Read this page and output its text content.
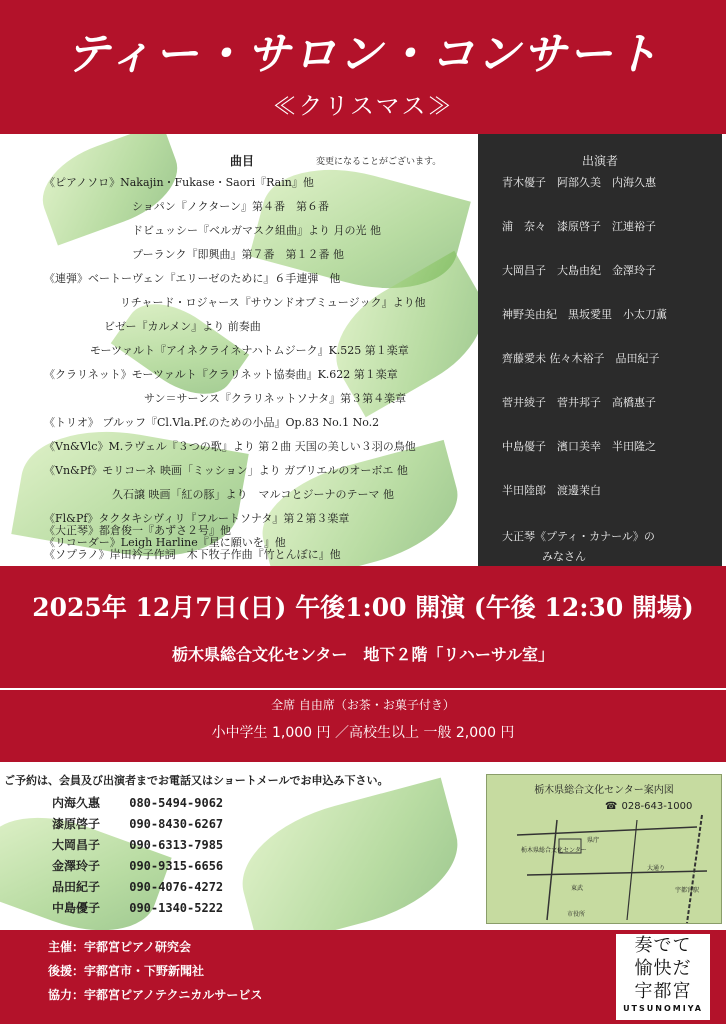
ティー・サロン・コンサート
≪クリスマス≫
曲目	変更になることがございます。
《ピアノソロ》Nakajin・Fukase・Saori『Rain』他
ショパン『ノクターン』第４番　第６番
ドビュッシー『ベルガマスク組曲』より 月の光 他
プーランク『即興曲』第７番　第１２番 他
《連弾》ベートーヴェン『エリーゼのために』６手連弾　他
リチャード・ロジャース『サウンドオブミュージック』より他
ビゼー『カルメン』より 前奏曲
モーツァルト『アイネクライネナハトムジーク』K.525 第１楽章
《クラリネット》モーツァルト『クラリネット協奏曲』K.622 第１楽章
サン＝サーンス『クラリネットソナタ』第３第４楽章
《トリオ》 ブルッフ『Cl.Vla.Pf.のための小品』Op.83 No.1 No.2
《Vn&Vlc》M.ラヴェル『３つの歌』より 第２曲 天国の美しい３羽の鳥他
《Vn&Pf》モリコーネ 映画「ミッション」より ガブリエルのオーボエ 他
久石譲 映画「紅の豚」より　マルコとジーナのテーマ 他
《Fl&Pf》タクタキシヴィリ『フルートソナタ』第２第３楽章
《リコーダー》Leigh Harline『星に願いを』他
出演者
青木優子　阿部久美　内海久惠
浦　奈々　漆原啓子　江連裕子
大岡昌子　大島由紀　金澤玲子
神野美由紀　黒坂愛里　小太刀薫
齊藤愛未 佐々木裕子　品田紀子
菅井綾子　菅井邦子　高橋惠子
中島優子　濱口美幸　半田隆之
半田陸郎　渡邊茉白
大正琴《プティ・カナール》の
みなさん
《大正琴》都倉俊一『あずさ２号』他
《ソプラノ》岸田衿子作詞　木下牧子作曲『竹とんぼに』他
2025年 12月7日(日) 午後1:00 開演 (午後 12:30 開場)
栃木県総合文化センター　地下２階「リハーサル室」
全席 自由席（お茶・お菓子付き）
小中学生 1,000 円 ／高校生以上 一般 2,000 円
ご予約は、会員及び出演者までお電話又はショートメールでお申込み下さい。
内海久惠 080-5494-9062
漆原啓子 090-8430-6267
大岡昌子 090-6313-7985
金澤玲子 090-9315-6656
品田紀子 090-4076-4272
中島優子 090-1340-5222
栃木県総合文化センター案内図
☎ 028-643-1000
栃木県総合文化センター
県庁
大通り
宇都宮駅
東武
市役所
主催：宇都宮ピアノ研究会
後援：宇都宮市・下野新聞社
協力：宇都宮ピアノテクニカルサービス
奏でて
愉快だ
宇都宮
UTSUNOMIYA
